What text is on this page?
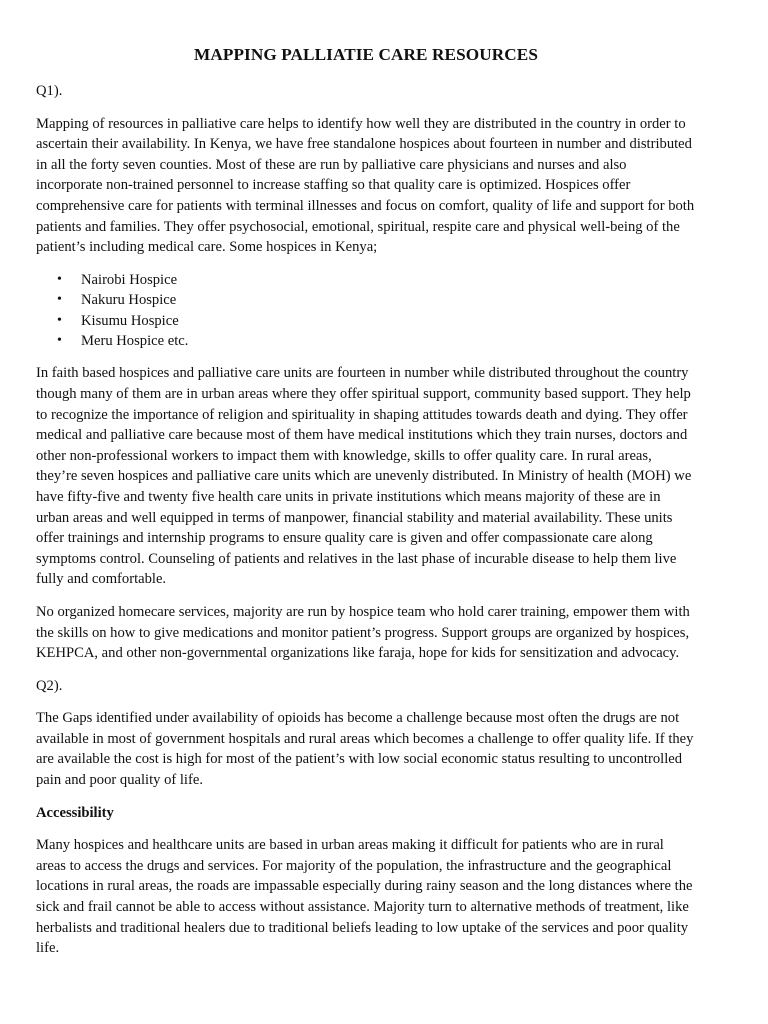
MAPPING PALLIATIE CARE RESOURCES
Q1).

Mapping of resources in palliative care helps to identify how well they are distributed in the country in order to ascertain their availability. In Kenya, we have free standalone hospices about fourteen in number and distributed in all the forty seven counties. Most of these are run by palliative care physicians and nurses and also incorporate non-trained personnel to increase staffing so that quality care is optimized. Hospices offer comprehensive care for patients with terminal illnesses and focus on comfort, quality of life and support for both patients and families. They offer psychosocial, emotional, spiritual, respite care and physical well-being of the patient’s including medical care. Some hospices in Kenya;

• Nairobi Hospice
• Nakuru Hospice
• Kisumu Hospice
• Meru Hospice etc.

In faith based hospices and palliative care units are fourteen in number while distributed throughout the country though many of them are in urban areas where they offer spiritual support, community based support. They help to recognize the importance of religion and spirituality in shaping attitudes towards death and dying. They offer medical and palliative care because most of them have medical institutions which they train nurses, doctors and other non-professional workers to impact them with knowledge, skills to offer quality care. In rural areas, they’re seven hospices and palliative care units which are unevenly distributed. In Ministry of health (MOH) we have fifty-five and twenty five health care units in private institutions which means majority of these are in urban areas and well equipped in terms of manpower, financial stability and material availability. These units offer trainings and internship programs to ensure quality care is given and offer compassionate care along symptoms control. Counseling of patients and relatives in the last phase of incurable disease to help them live fully and comfortable.

No organized homecare services, majority are run by hospice team who hold carer training, empower them with the skills on how to give medications and monitor patient’s progress. Support groups are organized by hospices, KEHPCA, and other non-governmental organizations like faraja, hope for kids for sensitization and advocacy.

Q2).

The Gaps identified under availability of opioids has become a challenge because most often the drugs are not available in most of government hospitals and rural areas which becomes a challenge to offer quality life. If they are available the cost is high for most of the patient’s with low social economic status resulting to uncontrolled pain and poor quality of life.

Accessibility

Many hospices and healthcare units are based in urban areas making it difficult for patients who are in rural areas to access the drugs and services. For majority of the population, the infrastructure and the geographical locations in rural areas, the roads are impassable especially during rainy season and the long distances where the sick and frail cannot be able to access without assistance. Majority turn to alternative methods of treatment, like herbalists and traditional healers due to traditional beliefs leading to low uptake of the services and poor quality life.
